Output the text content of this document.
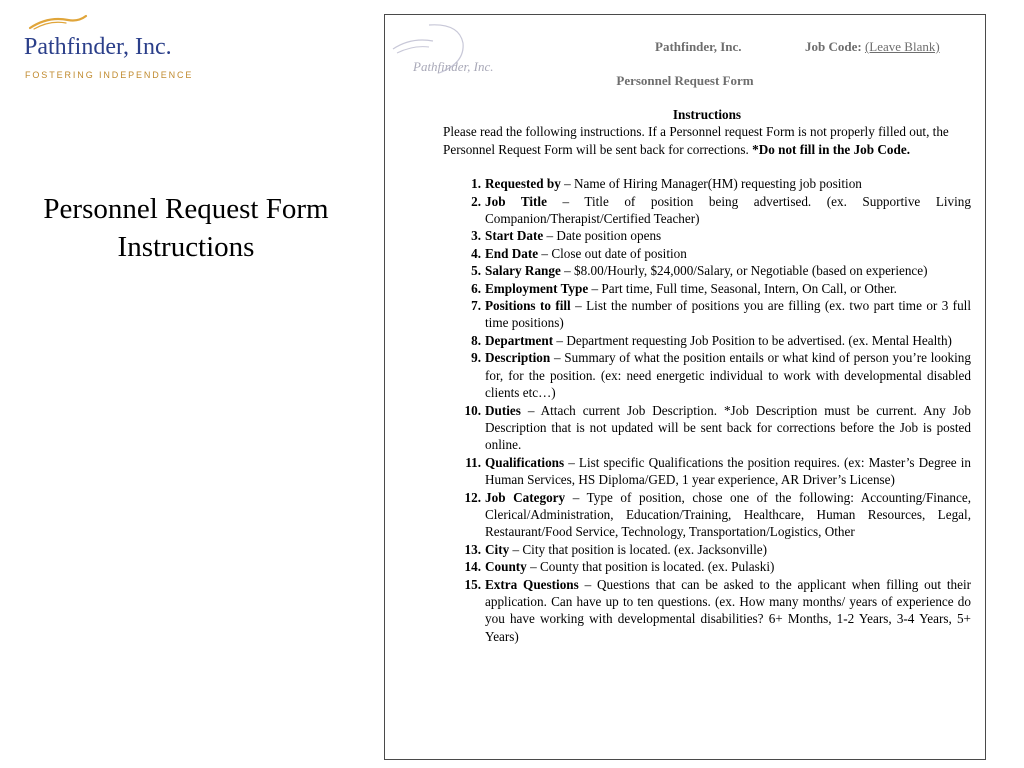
Pathfinder, Inc.
FOSTERING INDEPENDENCE
Personnel Request Form
Instructions
Pathfinder, Inc.
Pathfinder, Inc.	Job Code: (Leave Blank)
Personnel Request Form
Instructions

Please read the following instructions. If a Personnel request Form is not properly filled out, the Personnel Request Form will be sent back for corrections. *Do not fill in the Job Code.

1. Requested by – Name of Hiring Manager(HM) requesting job position
2. Job Title – Title of position being advertised. (ex. Supportive Living Companion/Therapist/Certified Teacher)
3. Start Date – Date position opens
4. End Date – Close out date of position
5. Salary Range – $8.00/Hourly, $24,000/Salary, or Negotiable (based on experience)
6. Employment Type – Part time, Full time, Seasonal, Intern, On Call, or Other.
7. Positions to fill – List the number of positions you are filling (ex. two part time or 3 full time positions)
8. Department – Department requesting Job Position to be advertised. (ex. Mental Health)
9. Description – Summary of what the position entails or what kind of person you’re looking for, for the position. (ex: need energetic individual to work with developmental disabled clients etc…)
10. Duties – Attach current Job Description. *Job Description must be current. Any Job Description that is not updated will be sent back for corrections before the Job is posted online.
11. Qualifications – List specific Qualifications the position requires. (ex: Master’s Degree in Human Services, HS Diploma/GED, 1 year experience, AR Driver’s License)
12. Job Category – Type of position, chose one of the following: Accounting/Finance, Clerical/Administration, Education/Training, Healthcare, Human Resources, Legal, Restaurant/Food Service, Technology, Transportation/Logistics, Other
13. City – City that position is located. (ex. Jacksonville)
14. County – County that position is located. (ex. Pulaski)
15. Extra Questions – Questions that can be asked to the applicant when filling out their application. Can have up to ten questions. (ex. How many months/ years of experience do you have working with developmental disabilities? 6+ Months, 1-2 Years, 3-4 Years, 5+ Years)
